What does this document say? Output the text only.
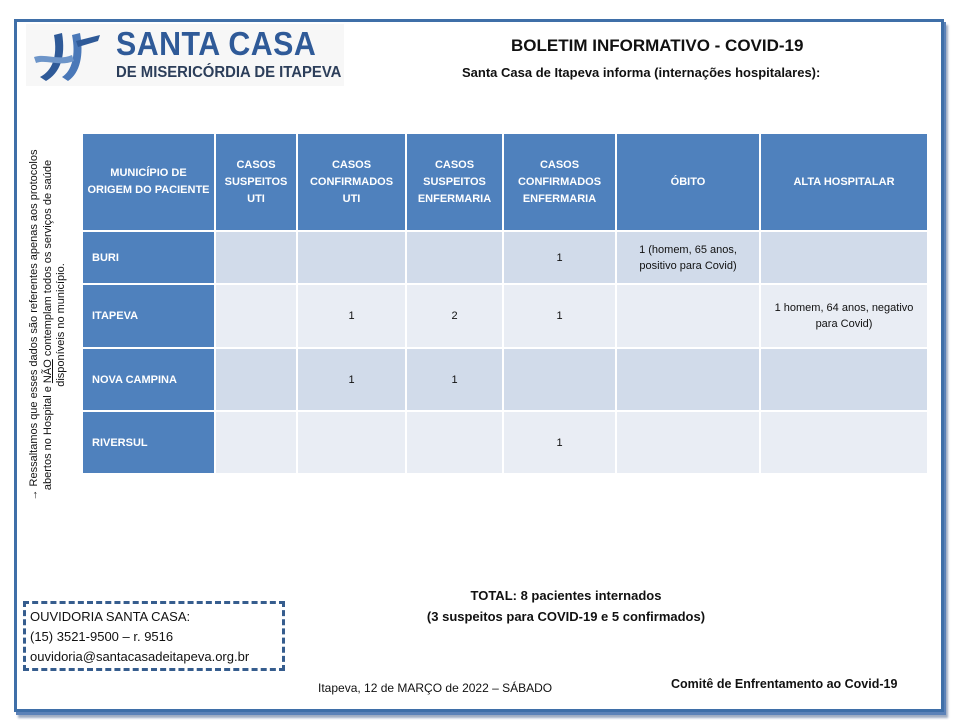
SANTA CASA
DE MISERICÓRDIA DE ITAPEVA
BOLETIM INFORMATIVO - COVID-19
Santa Casa de Itapeva informa (internações hospitalares):
→ Ressaltamos que esses dados são referentes apenas aos protocolos abertos no Hospital e NÃO contemplam todos os serviços de saúde disponíveis no município.
MUNICÍPIO DE ORIGEM DO PACIENTE	CASOS SUSPEITOS UTI	CASOS CONFIRMADOS UTI	CASOS SUSPEITOS ENFERMARIA	CASOS CONFIRMADOS ENFERMARIA	ÓBITO	ALTA HOSPITALAR
BURI				1	1 (homem, 65 anos, positivo para Covid)	
ITAPEVA		1	2	1		1 homem, 64 anos, negativo para Covid)
NOVA CAMPINA		1	1			
RIVERSUL				1		
TOTAL: 8 pacientes internados
(3 suspeitos para COVID-19 e 5 confirmados)
OUVIDORIA SANTA CASA:
(15) 3521-9500 – r. 9516
ouvidoria@santacasadeitapeva.org.br
Itapeva, 12 de MARÇO de 2022 – SÁBADO	Comitê de Enfrentamento ao Covid-19
